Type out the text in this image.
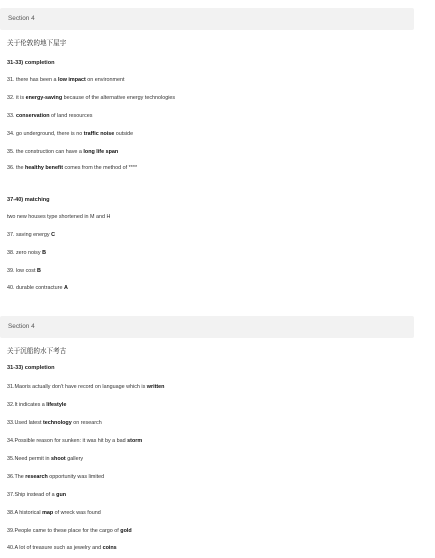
Section 4
关于伦敦的地下屋宇
31-33) completion
31. there has been a low impact on environment
32. it is energy-saving because of the alternative energy technologies
33. conservation of land resources
34. go underground, there is no traffic noise outside
35. the construction can have a long life span
36. the healthy benefit comes from the method of ****
37-40) matching
two new houses type shortened in M and H
37. saving energy C
38. zero noisy B
39. low cost B
40. durable contracture A
Section 4
关于沉船的水下考古
31-33) completion
31.Maoris actually don't have record on language which is written
32.It indicates a lifestyle
33.Used latest technology on research
34.Possible reason for sunken: it was hit by a bad storm
35.Need permit in shoot gallery
36.The research opportunity was limited
37.Ship instead of a gun
38.A historical map of wreck was found
39.People came to these place for the cargo of gold
40.A lot of treasure such as jewelry and coins
